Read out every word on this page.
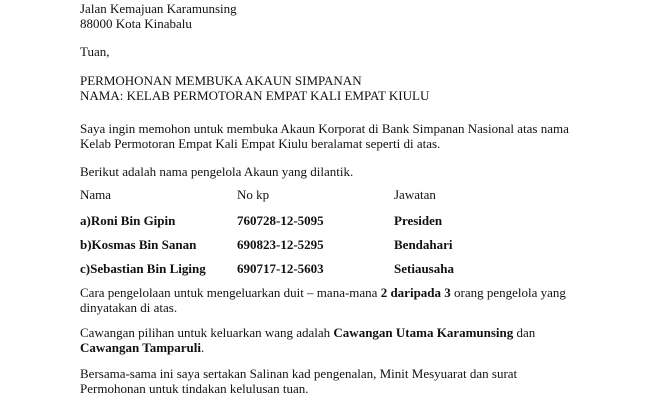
Jalan Kemajuan Karamunsing
88000 Kota Kinabalu
Tuan,
PERMOHONAN MEMBUKA AKAUN SIMPANAN
NAMA: KELAB PERMOTORAN EMPAT KALI EMPAT KIULU
Saya ingin memohon untuk membuka Akaun Korporat di Bank Simpanan Nasional atas nama
Kelab Permotoran Empat Kali Empat Kiulu beralamat seperti di atas.
Berikut adalah nama pengelola Akaun yang dilantik.
Nama	No kp	Jawatan
a)Roni Bin Gipin	760728-12-5095	Presiden
b)Kosmas Bin Sanan	690823-12-5295	Bendahari
c)Sebastian Bin Liging 690717-12-5603	Setiausaha
Cara pengelolaan untuk mengeluarkan duit – mana-mana 2 daripada 3 orang pengelola yang
dinyatakan di atas.
Cawangan pilihan untuk keluarkan wang adalah Cawangan Utama Karamunsing dan
Cawangan Tamparuli.
Bersama-sama ini saya sertakan Salinan kad pengenalan, Minit Mesyuarat dan surat
Permohonan untuk tindakan kelulusan tuan.
